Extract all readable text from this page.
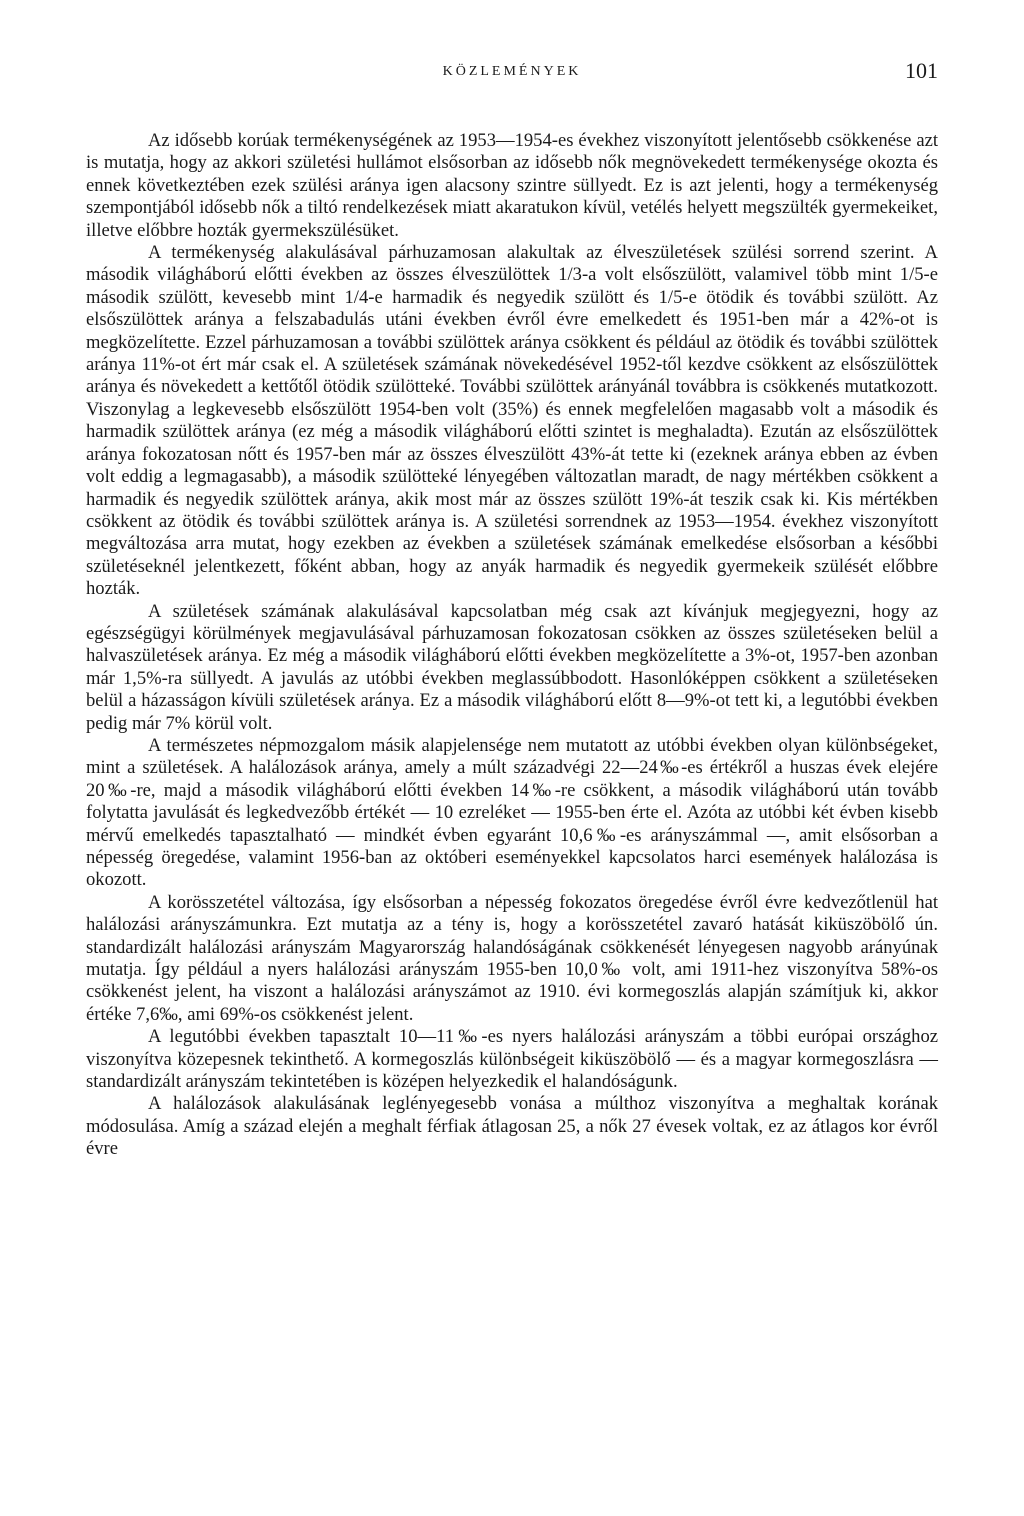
KÖZLEMÉNYEK	101

Az idősebb korúak termékenységének az 1953—1954-es évekhez viszonyított jelentősebb csökkenése azt is mutatja, hogy az akkori születési hullámot elsősorban az idősebb nők megnövekedett termékenysége okozta és ennek következtében ezek szülési aránya igen alacsony szintre süllyedt. Ez is azt jelenti, hogy a termékenység szempontjából idősebb nők a tiltó rendelkezések miatt akaratukon kívül, vetélés helyett megszülték gyermekeiket, illetve előbbre hozták gyermekszülésüket.

A termékenység alakulásával párhuzamosan alakultak az élveszületések szülési sorrend szerint. A második világháború előtti években az összes élveszülöttek 1/3-a volt elsőszülött, valamivel több mint 1/5-e második szülött, kevesebb mint 1/4-e harmadik és negyedik szülött és 1/5-e ötödik és további szülött. Az elsőszülöttek aránya a felszabadulás utáni években évről évre emelkedett és 1951-ben már a 42%-ot is megközelítette. Ezzel párhuzamosan a további szülöttek aránya csökkent és például az ötödik és további szülöttek aránya 11%-ot ért már csak el. A születések számának növekedésével 1952-től kezdve csökkent az elsőszülöttek aránya és növekedett a kettőtől ötödik szülötteké. További szülöttek arányánál továbbra is csökkenés mutatkozott. Viszonylag a legkevesebb elsőszülött 1954-ben volt (35%) és ennek megfelelően magasabb volt a második és harmadik szülöttek aránya (ez még a második világháború előtti szintet is meghaladta). Ezután az elsőszülöttek aránya fokozatosan nőtt és 1957-ben már az összes élveszülött 43%-át tette ki (ezeknek aránya ebben az évben volt eddig a legmagasabb), a második szülötteké lényegében változatlan maradt, de nagy mértékben csökkent a harmadik és negyedik szülöttek aránya, akik most már az összes szülött 19%-át teszik csak ki. Kis mértékben csökkent az ötödik és további szülöttek aránya is. A születési sorrendnek az 1953—1954. évekhez viszonyított megváltozása arra mutat, hogy ezekben az években a születések számának emelkedése elsősorban a későbbi születéseknél jelentkezett, főként abban, hogy az anyák harmadik és negyedik gyermekeik szülését előbbre hozták.

A születések számának alakulásával kapcsolatban még csak azt kívánjuk megjegyezni, hogy az egészségügyi körülmények megjavulásával párhuzamosan fokozatosan csökken az összes születéseken belül a halvaszületések aránya. Ez még a második világháború előtti években megközelítette a 3%-ot, 1957-ben azonban már 1,5%-ra süllyedt. A javulás az utóbbi években meglassúbbodott. Hasonlóképpen csökkent a születéseken belül a házasságon kívüli születések aránya. Ez a második világháború előtt 8—9%-ot tett ki, a legutóbbi években pedig már 7% körül volt.

A természetes népmozgalom másik alapjelensége nem mutatott az utóbbi években olyan különbségeket, mint a születések. A halálozások aránya, amely a múlt századvégi 22—24‰-es értékről a huszas évek elejére 20‰-re, majd a második világháború előtti években 14‰-re csökkent, a második világháború után tovább folytatta javulását és legkedvezőbb értékét — 10 ezreléket — 1955-ben érte el. Azóta az utóbbi két évben kisebb mérvű emelkedés tapasztalható — mindkét évben egyaránt 10,6‰-es arányszámmal —, amit elsősorban a népesség öregedése, valamint 1956-ban az októberi eseményekkel kapcsolatos harci események halálozása is okozott.

A korösszetétel változása, így elsősorban a népesség fokozatos öregedése évről évre kedvezőtlenül hat halálozási arányszámunkra. Ezt mutatja az a tény is, hogy a korösszetétel zavaró hatását kiküszöbölő ún. standardizált halálozási arányszám Magyarország halandóságának csökkenését lényegesen nagyobb arányúnak mutatja. Így például a nyers halálozási arányszám 1955-ben 10,0‰ volt, ami 1911-hez viszonyítva 58%-os csökkenést jelent, ha viszont a halálozási arányszámot az 1910. évi kormegoszlás alapján számítjuk ki, akkor értéke 7,6‰, ami 69%-os csökkenést jelent.

A legutóbbi években tapasztalt 10—11‰-es nyers halálozási arányszám a többi európai országhoz viszonyítva közepesnek tekinthető. A kormegoszlás különbségeit kiküszöbölő — és a magyar kormegoszlásra — standardizált arányszám tekintetében is középen helyezkedik el halandóságunk.

A halálozások alakulásának leglényegesebb vonása a múlthoz viszonyítva a meghaltak korának módosulása. Amíg a század elején a meghalt férfiak átlagosan 25, a nők 27 évesek voltak, ez az átlagos kor évről évre
